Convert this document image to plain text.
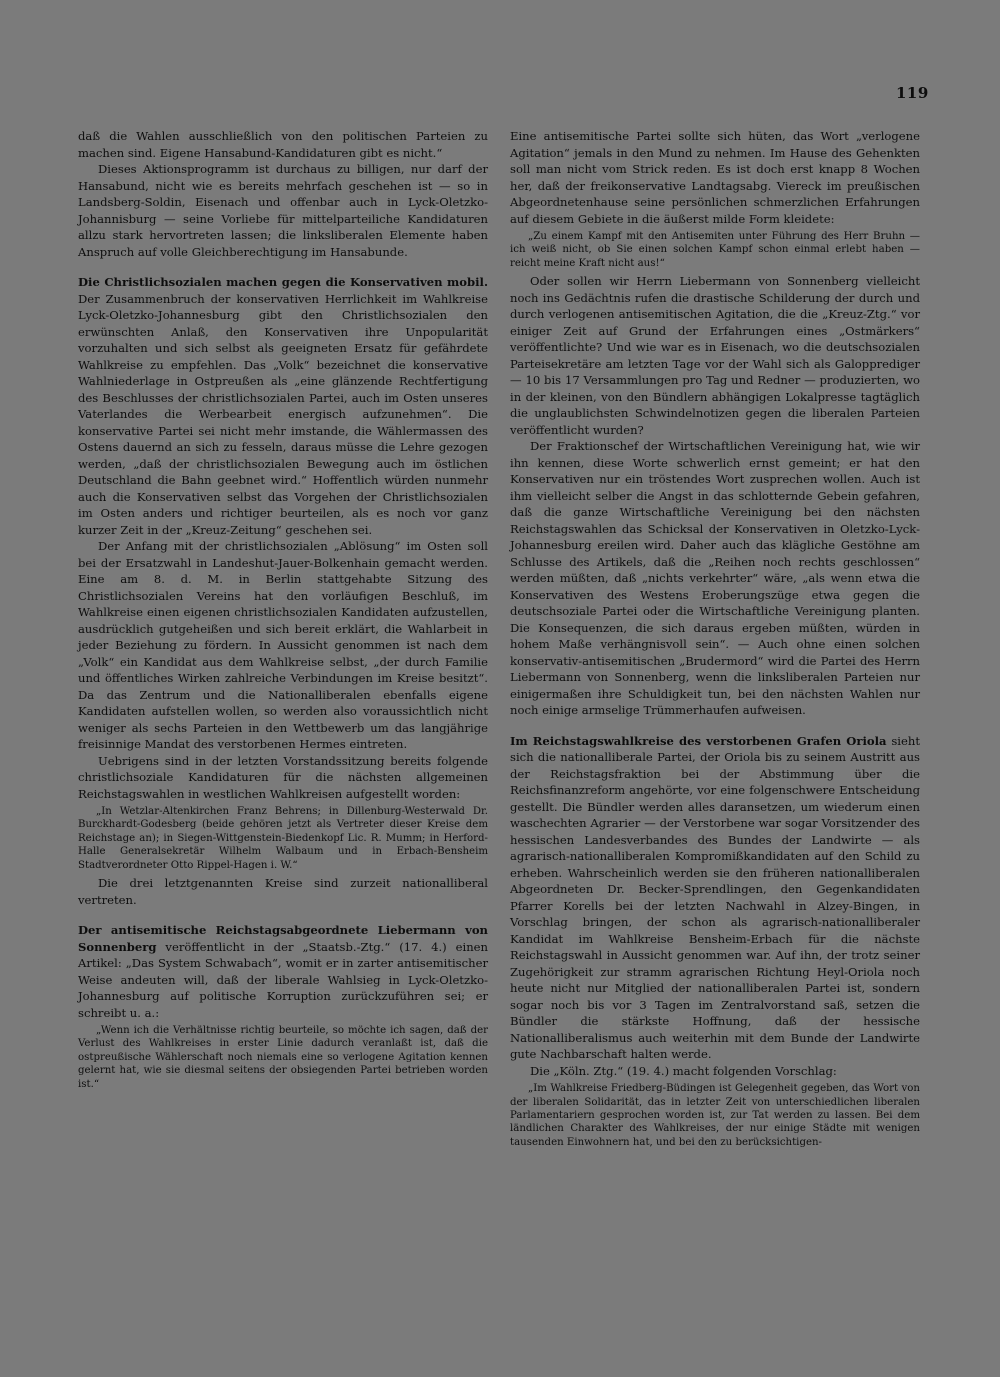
119

daß die Wahlen ausschließlich von den politischen Parteien zu machen sind. Eigene Hansabund-Kandidaturen gibt es nicht.“

Dieses Aktionsprogramm ist durchaus zu billigen, nur darf der Hansabund, nicht wie es bereits mehrfach geschehen ist — so in Landsberg-Soldin, Eisenach und offenbar auch in Lyck-Oletzko-Johannisburg — seine Vorliebe für mittelparteiliche Kandidaturen allzu stark hervortreten lassen; die linksliberalen Elemente haben Anspruch auf volle Gleichberechtigung im Hansabunde.

Die Christlichsozialen machen gegen die Konservativen mobil. Der Zusammenbruch der konservativen Herrlichkeit im Wahlkreise Lyck-Oletzko-Johannesburg gibt den Christlichsozialen den erwünschten Anlaß, den Konservativen ihre Unpopularität vorzuhalten und sich selbst als geeigneten Ersatz für gefährdete Wahlkreise zu empfehlen. Das „Volk“ bezeichnet die konservative Wahlniederlage in Ostpreußen als „eine glänzende Rechtfertigung des Beschlusses der christlichsozialen Partei, auch im Osten unseres Vaterlandes die Werbearbeit energisch aufzunehmen“. Die konservative Partei sei nicht mehr imstande, die Wählermassen des Ostens dauernd an sich zu fesseln, daraus müsse die Lehre gezogen werden, „daß der christlichsozialen Bewegung auch im östlichen Deutschland die Bahn geebnet wird.“ Hoffentlich würden nunmehr auch die Konservativen selbst das Vorgehen der Christlichsozialen im Osten anders und richtiger beurteilen, als es noch vor ganz kurzer Zeit in der „Kreuz-Zeitung“ geschehen sei.

Der Anfang mit der christlichsozialen „Ablösung“ im Osten soll bei der Ersatzwahl in Landeshut-Jauer-Bolkenhain gemacht werden. Eine am 8. d. M. in Berlin stattgehabte Sitzung des Christlichsozialen Vereins hat den vorläufigen Beschluß, im Wahlkreise einen eigenen christlichsozialen Kandidaten aufzustellen, ausdrücklich gutgeheißen und sich bereit erklärt, die Wahlarbeit in jeder Beziehung zu fördern. In Aussicht genommen ist nach dem „Volk“ ein Kandidat aus dem Wahlkreise selbst, „der durch Familie und öffentliches Wirken zahlreiche Verbindungen im Kreise besitzt“. Da das Zentrum und die Nationalliberalen ebenfalls eigene Kandidaten aufstellen wollen, so werden also voraussichtlich nicht weniger als sechs Parteien in den Wettbewerb um das langjährige freisinnige Mandat des verstorbenen Hermes eintreten.

Uebrigens sind in der letzten Vorstandssitzung bereits folgende christlichsoziale Kandidaturen für die nächsten allgemeinen Reichstagswahlen in westlichen Wahlkreisen aufgestellt worden:

„In Wetzlar-Altenkirchen Franz Behrens; in Dillenburg-Westerwald Dr. Burckhardt-Godesberg (beide gehören jetzt als Vertreter dieser Kreise dem Reichstage an); in Siegen-Wittgenstein-Biedenkopf Lic. R. Mumm; in Herford-Halle Generalsekretär Wilhelm Walbaum und in Erbach-Bensheim Stadtverordneter Otto Rippel-Hagen i. W.“

Die drei letztgenannten Kreise sind zurzeit nationalliberal vertreten.

Der antisemitische Reichstagsabgeordnete Liebermann von Sonnenberg veröffentlicht in der „Staatsb.-Ztg.“ (17. 4.) einen Artikel: „Das System Schwabach“, womit er in zarter antisemitischer Weise andeuten will, daß der liberale Wahlsieg in Lyck-Oletzko-Johannesburg auf politische Korruption zurückzuführen sei; er schreibt u. a.:

„Wenn ich die Verhältnisse richtig beurteile, so möchte ich sagen, daß der Verlust des Wahlkreises in erster Linie dadurch veranlaßt ist, daß die ostpreußische Wählerschaft noch niemals eine so verlogene Agitation kennen gelernt hat, wie sie diesmal seitens der obsiegenden Partei betrieben worden ist.“

Eine antisemitische Partei sollte sich hüten, das Wort „verlogene Agitation“ jemals in den Mund zu nehmen. Im Hause des Gehenkten soll man nicht vom Strick reden. Es ist doch erst knapp 8 Wochen her, daß der freikonservative Landtagsabg. Viereck im preußischen Abgeordnetenhause seine persönlichen schmerzlichen Erfahrungen auf diesem Gebiete in die äußerst milde Form kleidete:

„Zu einem Kampf mit den Antisemiten unter Führung des Herr Bruhn — ich weiß nicht, ob Sie einen solchen Kampf schon einmal erlebt haben — reicht meine Kraft nicht aus!“

Oder sollen wir Herrn Liebermann von Sonnenberg vielleicht noch ins Gedächtnis rufen die drastische Schilderung der durch und durch verlogenen antisemitischen Agitation, die die „Kreuz-Ztg.“ vor einiger Zeit auf Grund der Erfahrungen eines „Ostmärkers“ veröffentlichte? Und wie war es in Eisenach, wo die deutschsozialen Parteisekretäre am letzten Tage vor der Wahl sich als Galopprediger — 10 bis 17 Versammlungen pro Tag und Redner — produzierten, wo in der kleinen, von den Bündlern abhängigen Lokalpresse tagtäglich die unglaublichsten Schwindelnotizen gegen die liberalen Parteien veröffentlicht wurden?

Der Fraktionschef der Wirtschaftlichen Vereinigung hat, wie wir ihn kennen, diese Worte schwerlich ernst gemeint; er hat den Konservativen nur ein tröstendes Wort zusprechen wollen. Auch ist ihm vielleicht selber die Angst in das schlotternde Gebein gefahren, daß die ganze Wirtschaftliche Vereinigung bei den nächsten Reichstagswahlen das Schicksal der Konservativen in Oletzko-Lyck-Johannesburg ereilen wird. Daher auch das klägliche Gestöhne am Schlusse des Artikels, daß die „Reihen noch rechts geschlossen“ werden müßten, daß „nichts verkehrter“ wäre, „als wenn etwa die Konservativen des Westens Eroberungszüge etwa gegen die deutschsoziale Partei oder die Wirtschaftliche Vereinigung planten. Die Konsequenzen, die sich daraus ergeben müßten, würden in hohem Maße verhängnisvoll sein“. — Auch ohne einen solchen konservativ-antisemitischen „Brudermord“ wird die Partei des Herrn Liebermann von Sonnenberg, wenn die linksliberalen Parteien nur einigermaßen ihre Schuldigkeit tun, bei den nächsten Wahlen nur noch einige armselige Trümmerhaufen aufweisen.

Im Reichstagswahlkreise des verstorbenen Grafen Oriola sieht sich die nationalliberale Partei, der Oriola bis zu seinem Austritt aus der Reichstagsfraktion bei der Abstimmung über die Reichsfinanzreform angehörte, vor eine folgenschwere Entscheidung gestellt. Die Bündler werden alles daransetzen, um wiederum einen waschechten Agrarier — der Verstorbene war sogar Vorsitzender des hessischen Landesverbandes des Bundes der Landwirte — als agrarisch-nationalliberalen Kompromißkandidaten auf den Schild zu erheben. Wahrscheinlich werden sie den früheren nationalliberalen Abgeordneten Dr. Becker-Sprendlingen, den Gegenkandidaten Pfarrer Korells bei der letzten Nachwahl in Alzey-Bingen, in Vorschlag bringen, der schon als agrarisch-nationalliberaler Kandidat im Wahlkreise Bensheim-Erbach für die nächste Reichstagswahl in Aussicht genommen war. Auf ihn, der trotz seiner Zugehörigkeit zur stramm agrarischen Richtung Heyl-Oriola noch heute nicht nur Mitglied der nationalliberalen Partei ist, sondern sogar noch bis vor 3 Tagen im Zentralvorstand saß, setzen die Bündler die stärkste Hoffnung, daß der hessische Nationalliberalismus auch weiterhin mit dem Bunde der Landwirte gute Nachbarschaft halten werde.

Die „Köln. Ztg.“ (19. 4.) macht folgenden Vorschlag:

„Im Wahlkreise Friedberg-Büdingen ist Gelegenheit gegeben, das Wort von der liberalen Solidarität, das in letzter Zeit von unterschiedlichen liberalen Parlamentariern gesprochen worden ist, zur Tat werden zu lassen. Bei dem ländlichen Charakter des Wahlkreises, der nur einige Städte mit wenigen tausenden Einwohnern hat, und bei den zu berücksichtigen-
